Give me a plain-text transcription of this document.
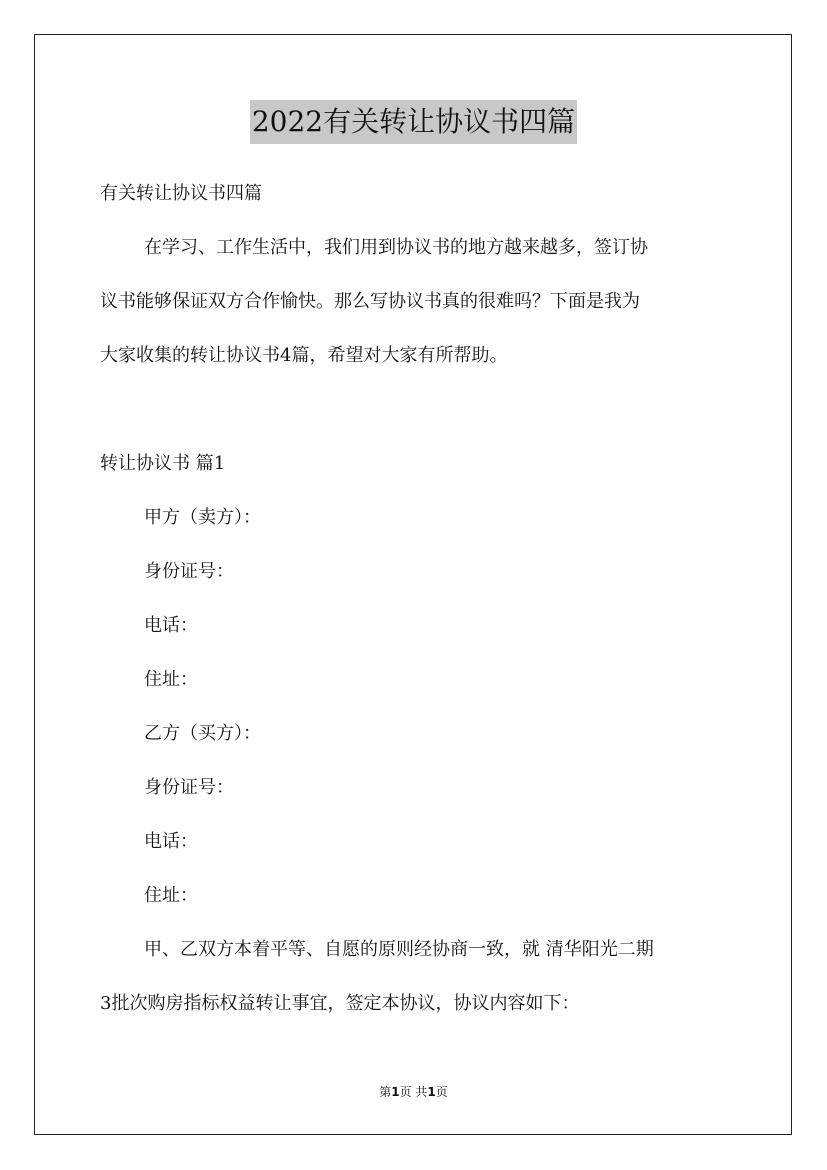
2022有关转让协议书四篇
有关转让协议书四篇
在学习、工作生活中，我们用到协议书的地方越来越多，签订协
议书能够保证双方合作愉快。那么写协议书真的很难吗？下面是我为
大家收集的转让协议书4篇，希望对大家有所帮助。
转让协议书 篇1
甲方（卖方）：
身份证号：
电话：
住址：
乙方（买方）：
身份证号：
电话：
住址：
甲、乙双方本着平等、自愿的原则经协商一致，就 清华阳光二期
3批次购房指标权益转让事宜，签定本协议，协议内容如下：
第1页 共1页
